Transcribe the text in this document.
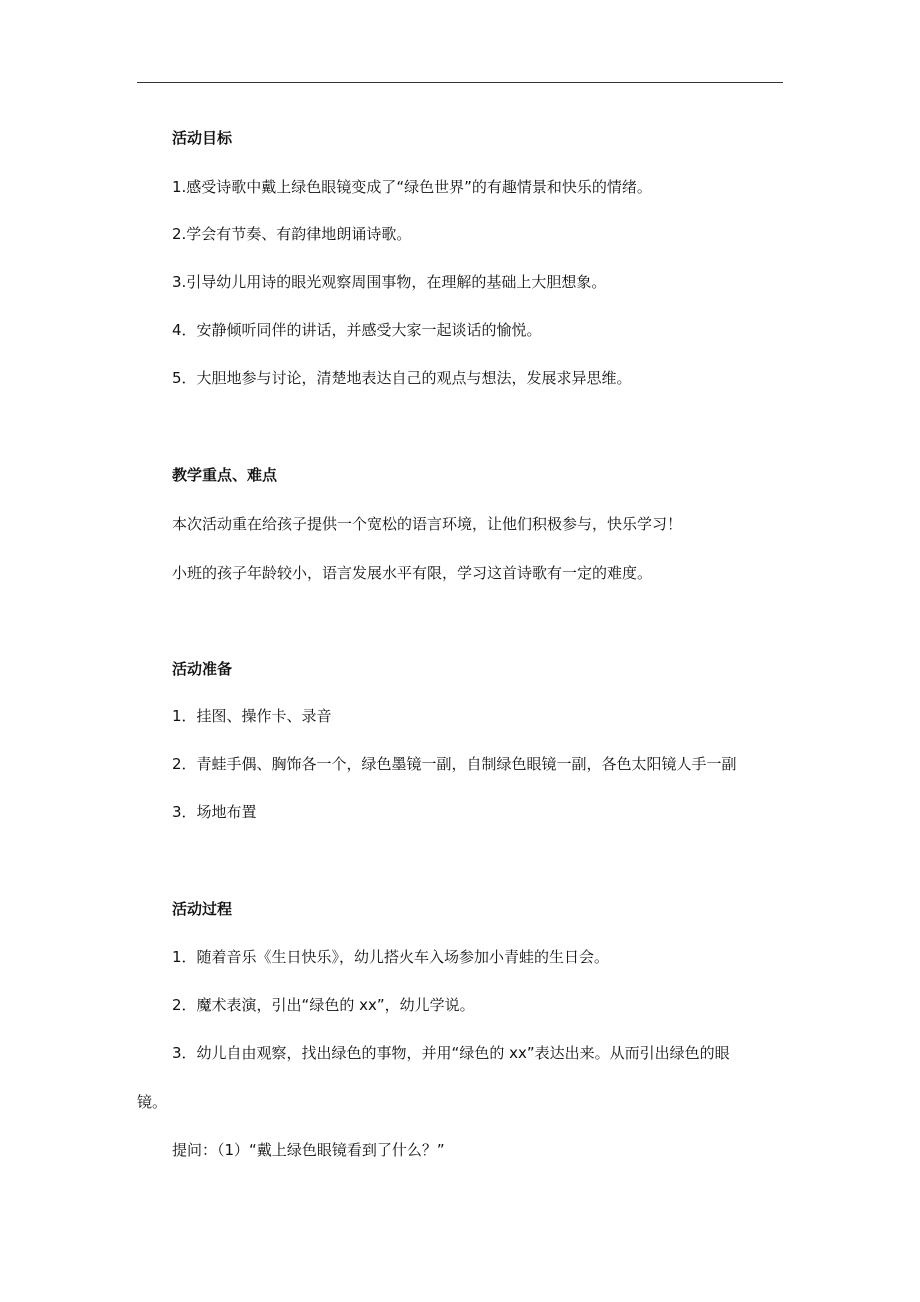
活动目标
1.感受诗歌中戴上绿色眼镜变成了“绿色世界”的有趣情景和快乐的情绪。
2.学会有节奏、有韵律地朗诵诗歌。
3.引导幼儿用诗的眼光观察周围事物，在理解的基础上大胆想象。
4．安静倾听同伴的讲话，并感受大家一起谈话的愉悦。
5．大胆地参与讨论，清楚地表达自己的观点与想法，发展求异思维。
教学重点、难点
本次活动重在给孩子提供一个宽松的语言环境，让他们积极参与，快乐学习！
小班的孩子年龄较小，语言发展水平有限，学习这首诗歌有一定的难度。
活动准备
1．挂图、操作卡、录音
2．青蛙手偶、胸饰各一个，绿色墨镜一副，自制绿色眼镜一副，各色太阳镜人手一副
3．场地布置
活动过程
1．随着音乐《生日快乐》，幼儿搭火车入场参加小青蛙的生日会。
2．魔术表演，引出“绿色的 xx”，幼儿学说。
3．幼儿自由观察，找出绿色的事物，并用“绿色的 xx”表达出来。从而引出绿色的眼
镜。
提问：（1）“戴上绿色眼镜看到了什么？”
